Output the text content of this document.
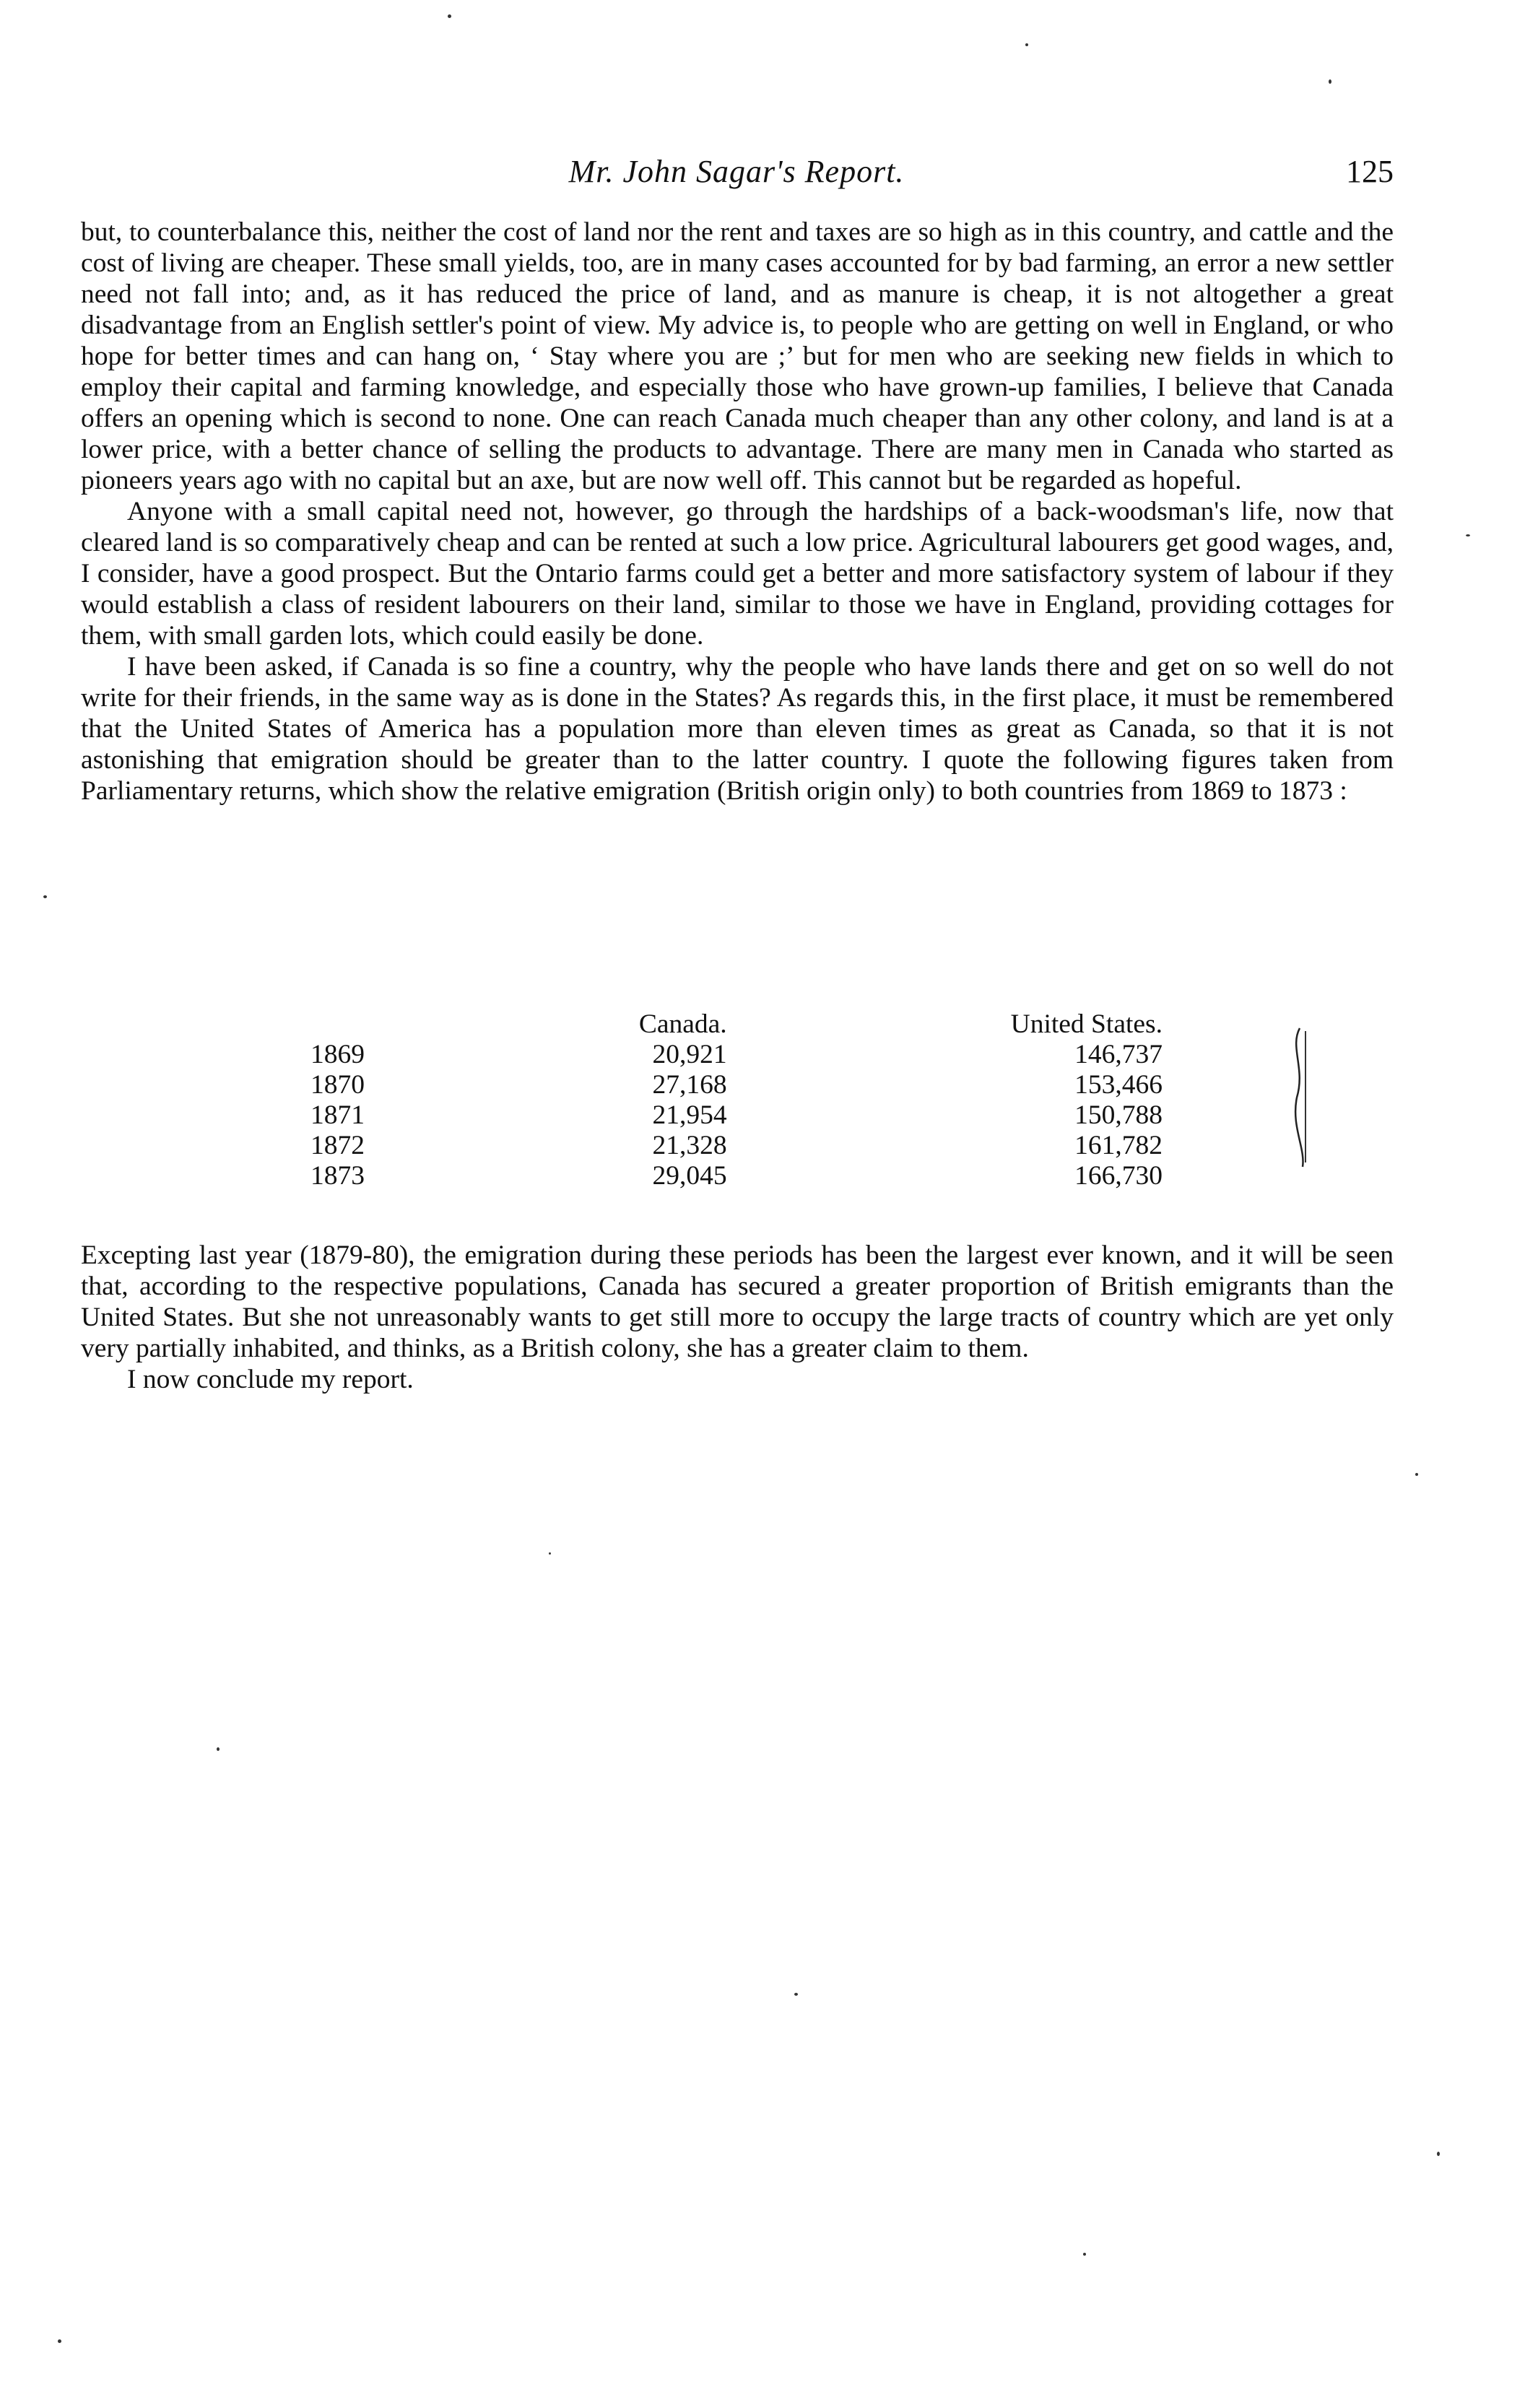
Mr. John Sagar's Report.	125

but, to counterbalance this, neither the cost of land nor the rent and taxes are so high as in this country, and cattle and the cost of living are cheaper. These small yields, too, are in many cases accounted for by bad farming, an error a new settler need not fall into; and, as it has reduced the price of land, and as manure is cheap, it is not altogether a great disadvantage from an English settler's point of view. My advice is, to people who are getting on well in England, or who hope for better times and can hang on, ‘ Stay where you are ;’ but for men who are seeking new fields in which to employ their capital and farming knowledge, and especially those who have grown-up families, I believe that Canada offers an opening which is second to none. One can reach Canada much cheaper than any other colony, and land is at a lower price, with a better chance of selling the products to advantage. There are many men in Canada who started as pioneers years ago with no capital but an axe, but are now well off. This cannot but be regarded as hopeful.

Anyone with a small capital need not, however, go through the hardships of a back-woodsman's life, now that cleared land is so comparatively cheap and can be rented at such a low price. Agricultural labourers get good wages, and, I consider, have a good prospect. But the Ontario farms could get a better and more satisfactory system of labour if they would establish a class of resident labourers on their land, similar to those we have in England, providing cottages for them, with small garden lots, which could easily be done.

I have been asked, if Canada is so fine a country, why the people who have lands there and get on so well do not write for their friends, in the same way as is done in the States? As regards this, in the first place, it must be remembered that the United States of America has a population more than eleven times as great as Canada, so that it is not astonishing that emigration should be greater than to the latter country. I quote the following figures taken from Parliamentary returns, which show the relative emigration (British origin only) to both countries from 1869 to 1873 :

	Canada.	United States.
1869	20,921	146,737
1870	27,168	153,466
1871	21,954	150,788
1872	21,328	161,782
1873	29,045	166,730

Excepting last year (1879-80), the emigration during these periods has been the largest ever known, and it will be seen that, according to the respective populations, Canada has secured a greater proportion of British emigrants than the United States. But she not unreasonably wants to get still more to occupy the large tracts of country which are yet only very partially inhabited, and thinks, as a British colony, she has a greater claim to them.

I now conclude my report.
